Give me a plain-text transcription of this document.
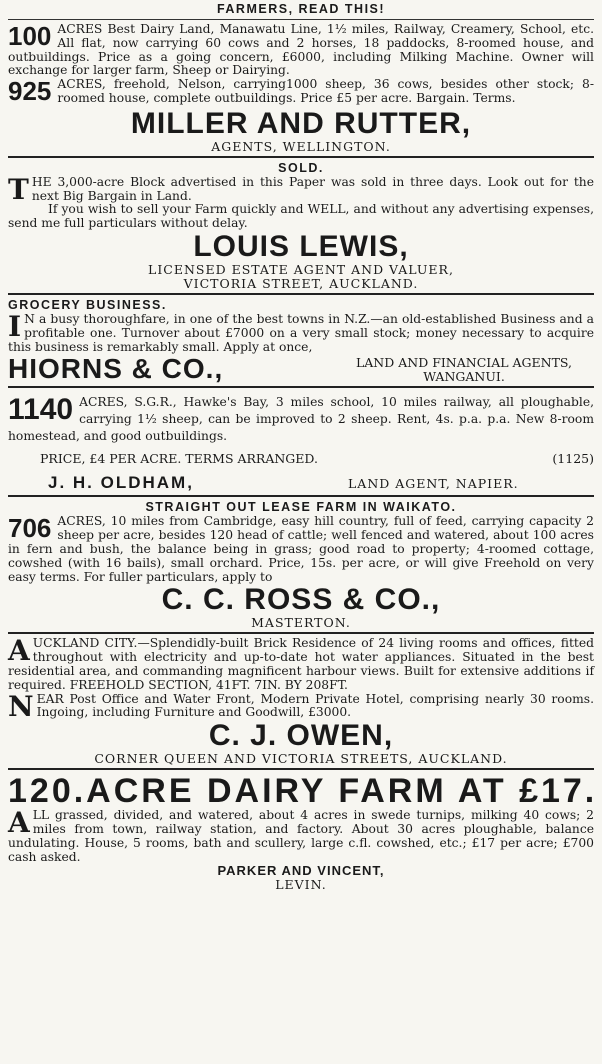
FARMERS, READ THIS!
100 ACRES Best Dairy Land, Manawatu Line, 1½ miles, Railway, Creamery, School, etc. All flat, now carrying 60 cows and 2 horses, 18 paddocks, 8-roomed house, and outbuildings. Price as a going concern, £6000, including Milking Machine. Owner will exchange for larger farm, Sheep or Dairying.

925 ACRES, freehold, Nelson, carrying1000 sheep, 36 cows, besides other stock; 8-roomed house, complete outbuildings. Price £5 per acre. Bargain. Terms.

MILLER AND RUTTER,
AGENTS, WELLINGTON.
SOLD.
T HE 3,000-acre Block advertised in this Paper was sold in three days. Look out for the next Big Bargain in Land.

If you wish to sell your Farm quickly and WELL, and without any advertising expenses, send me full particulars without delay.

LOUIS LEWIS,
LICENSED ESTATE AGENT AND VALUER,
VICTORIA STREET, AUCKLAND.
GROCERY BUSINESS.
I N a busy thoroughfare, in one of the best towns in N.Z.—an old-established Business and a profitable one. Turnover about £7000 on a very small stock; money necessary to acquire this business is remarkably small. Apply at once,

HIORNS & CO.,	LAND AND FINANCIAL AGENTS,
WANGANUI.
1140 ACRES, S.G.R., Hawke's Bay, 3 miles school, 10 miles railway, all ploughable, carrying 1½ sheep, can be improved to 2 sheep. Rent, 4s. p.a. p.a. New 8-room homestead, and good outbuildings.

PRICE, £4 PER ACRE. TERMS ARRANGED.	(1125)
J. H. OLDHAM,	LAND AGENT, NAPIER.
STRAIGHT OUT LEASE FARM IN WAIKATO.
706 ACRES, 10 miles from Cambridge, easy hill country, full of feed, carrying capacity 2 sheep per acre, besides 120 head of cattle; well fenced and watered, about 100 acres in fern and bush, the balance being in grass; good road to property; 4-roomed cottage, cowshed (with 16 bails), small orchard. Price, 15s. per acre, or will give Freehold on very easy terms. For fuller particulars, apply to

C. C. ROSS & CO.,
MASTERTON.
A UCKLAND CITY.—Splendidly-built Brick Residence of 24 living rooms and offices, fitted throughout with electricity and up-to-date hot water appliances. Situated in the best residential area, and commanding magnificent harbour views. Built for extensive additions if required. FREEHOLD SECTION, 41FT. 7IN. BY 208FT.

N EAR Post Office and Water Front, Modern Private Hotel, comprising nearly 30 rooms. Ingoing, including Furniture and Goodwill, £3000.

C. J. OWEN,
CORNER QUEEN AND VICTORIA STREETS, AUCKLAND.
120.ACRE DAIRY FARM AT £17.
A LL grassed, divided, and watered, about 4 acres in swede turnips, milking 40 cows; 2 miles from town, railway station, and factory. About 30 acres ploughable, balance undulating. House, 5 rooms, bath and scullery, large c.fl. cowshed, etc.; £17 per acre; £700 cash asked.

PARKER AND VINCENT,
LEVIN.
